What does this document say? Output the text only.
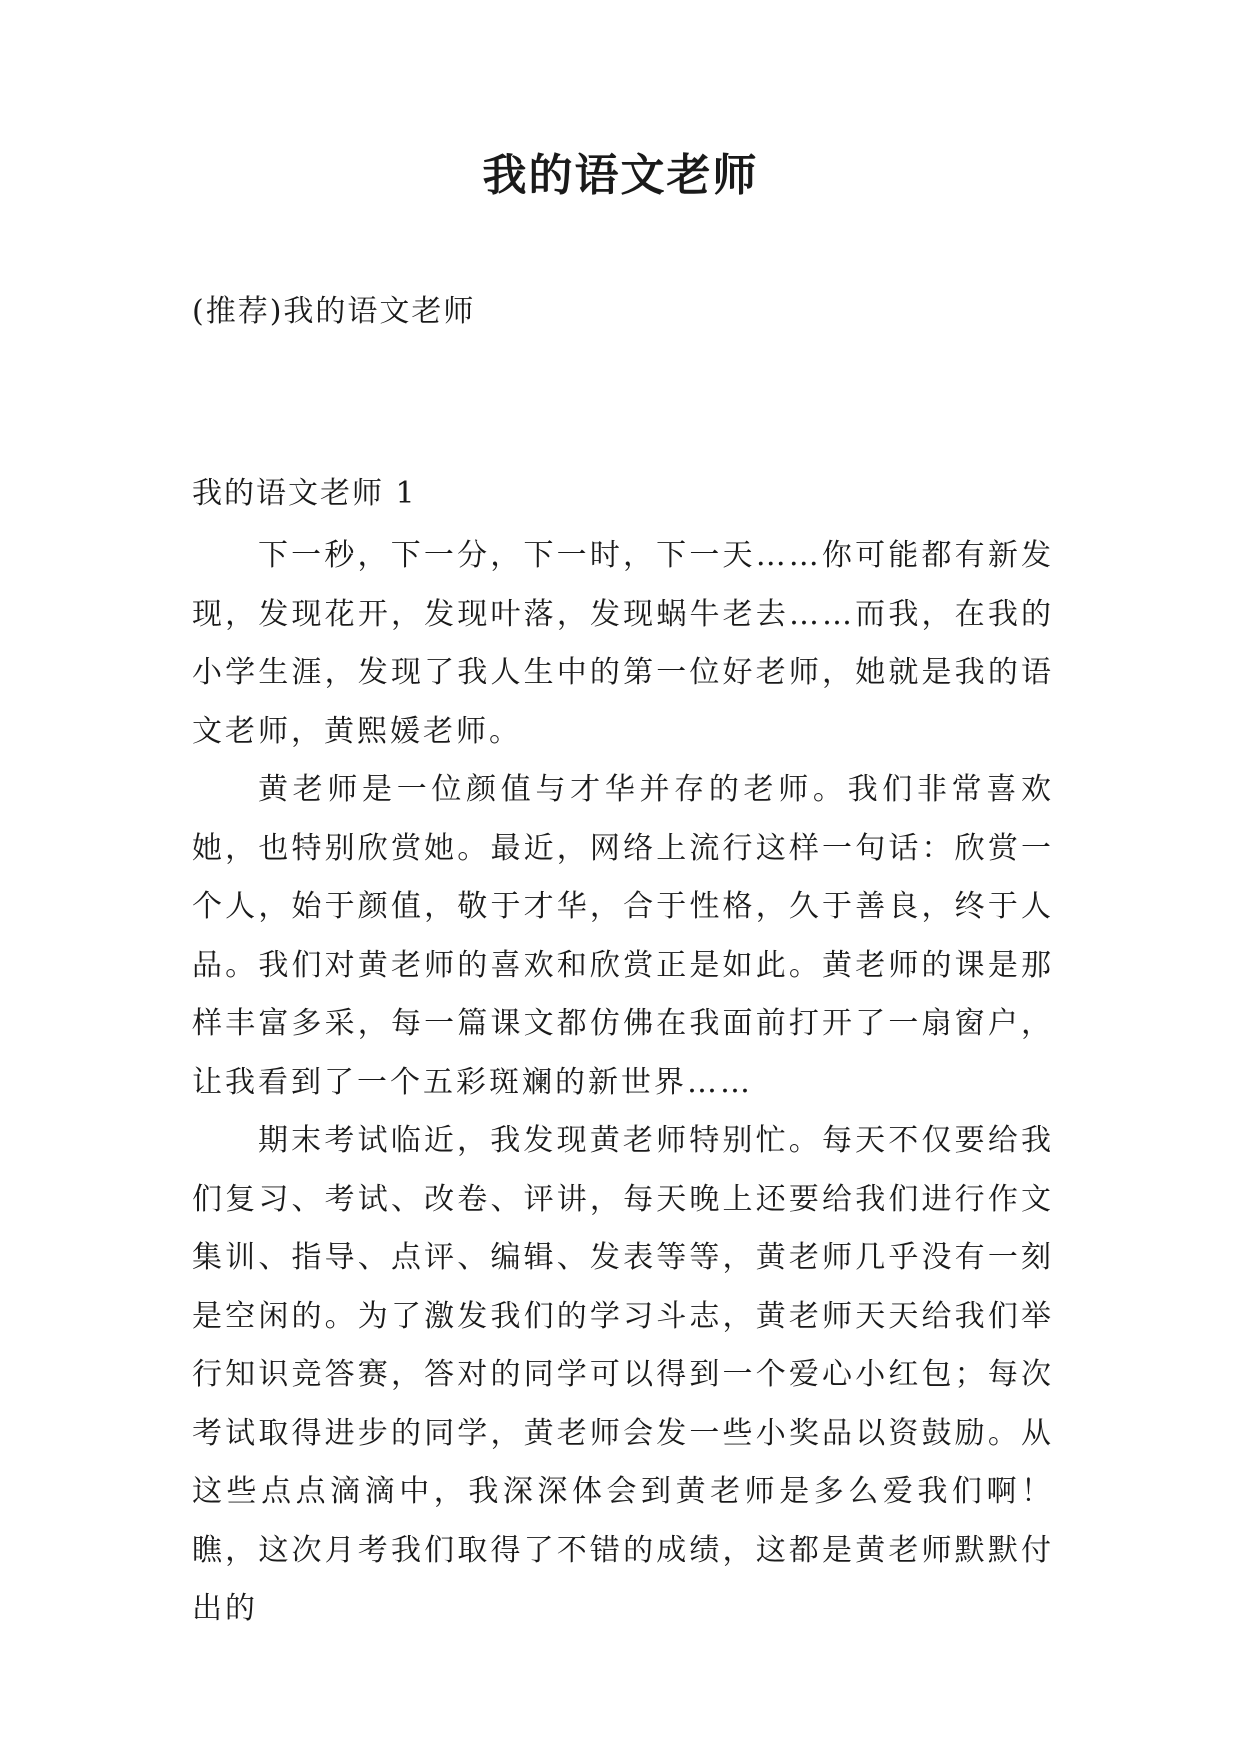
我的语文老师

(推荐)我的语文老师

我的语文老师 1

下一秒，下一分，下一时，下一天……你可能都有新发现，发现花开，发现叶落，发现蜗牛老去……而我，在我的小学生涯，发现了我人生中的第一位好老师，她就是我的语文老师，黄熙媛老师。

黄老师是一位颜值与才华并存的老师。我们非常喜欢她，也特别欣赏她。最近，网络上流行这样一句话：欣赏一个人，始于颜值，敬于才华，合于性格，久于善良，终于人品。我们对黄老师的喜欢和欣赏正是如此。黄老师的课是那样丰富多采，每一篇课文都仿佛在我面前打开了一扇窗户，让我看到了一个五彩斑斓的新世界……

期末考试临近，我发现黄老师特别忙。每天不仅要给我们复习、考试、改卷、评讲，每天晚上还要给我们进行作文集训、指导、点评、编辑、发表等等，黄老师几乎没有一刻是空闲的。为了激发我们的学习斗志，黄老师天天给我们举行知识竞答赛，答对的同学可以得到一个爱心小红包；每次考试取得进步的同学，黄老师会发一些小奖品以资鼓励。从这些点点滴滴中，我深深体会到黄老师是多么爱我们啊！瞧，这次月考我们取得了不错的成绩，这都是黄老师默默付出的
